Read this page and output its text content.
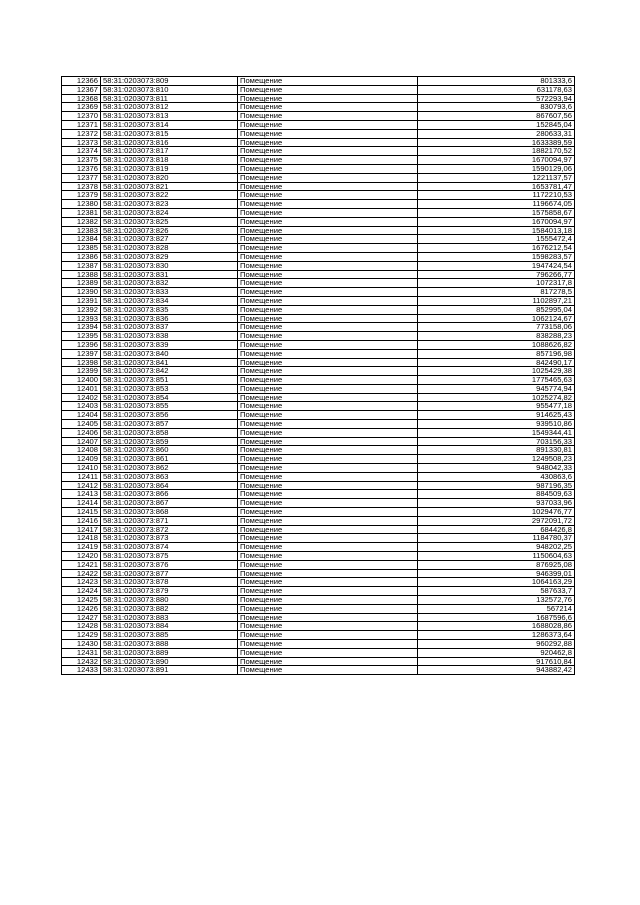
12366	58:31:0203073:809	Помещение	801333,6
12367	58:31:0203073:810	Помещение	631178,63
12368	58:31:0203073:811	Помещение	572293,94
12369	58:31:0203073:812	Помещение	830793,6
12370	58:31:0203073:813	Помещение	867607,56
12371	58:31:0203073:814	Помещение	152845,04
12372	58:31:0203073:815	Помещение	280633,31
12373	58:31:0203073:816	Помещение	1633389,59
12374	58:31:0203073:817	Помещение	1882170,52
12375	58:31:0203073:818	Помещение	1670094,97
12376	58:31:0203073:819	Помещение	1590129,06
12377	58:31:0203073:820	Помещение	1221137,57
12378	58:31:0203073:821	Помещение	1653781,47
12379	58:31:0203073:822	Помещение	1172210,53
12380	58:31:0203073:823	Помещение	1196674,05
12381	58:31:0203073:824	Помещение	1575858,67
12382	58:31:0203073:825	Помещение	1670094,97
12383	58:31:0203073:826	Помещение	1584013,18
12384	58:31:0203073:827	Помещение	1555472,4
12385	58:31:0203073:828	Помещение	1676212,54
12386	58:31:0203073:829	Помещение	1598283,57
12387	58:31:0203073:830	Помещение	1947424,54
12388	58:31:0203073:831	Помещение	796266,77
12389	58:31:0203073:832	Помещение	1072317,8
12390	58:31:0203073:833	Помещение	817278,5
12391	58:31:0203073:834	Помещение	1102897,21
12392	58:31:0203073:835	Помещение	852995,04
12393	58:31:0203073:836	Помещение	1062124,67
12394	58:31:0203073:837	Помещение	773158,06
12395	58:31:0203073:838	Помещение	838288,23
12396	58:31:0203073:839	Помещение	1088626,82
12397	58:31:0203073:840	Помещение	857196,98
12398	58:31:0203073:841	Помещение	842490,17
12399	58:31:0203073:842	Помещение	1025429,38
12400	58:31:0203073:851	Помещение	1775465,63
12401	58:31:0203073:853	Помещение	945774,94
12402	58:31:0203073:854	Помещение	1025274,82
12403	58:31:0203073:855	Помещение	955477,18
12404	58:31:0203073:856	Помещение	914625,43
12405	58:31:0203073:857	Помещение	939510,86
12406	58:31:0203073:858	Помещение	1549344,41
12407	58:31:0203073:859	Помещение	703156,33
12408	58:31:0203073:860	Помещение	891330,81
12409	58:31:0203073:861	Помещение	1249508,23
12410	58:31:0203073:862	Помещение	948042,33
12411	58:31:0203073:863	Помещение	430863,6
12412	58:31:0203073:864	Помещение	987196,35
12413	58:31:0203073:866	Помещение	884509,63
12414	58:31:0203073:867	Помещение	937033,96
12415	58:31:0203073:868	Помещение	1029476,77
12416	58:31:0203073:871	Помещение	2972091,72
12417	58:31:0203073:872	Помещение	684426,8
12418	58:31:0203073:873	Помещение	1184780,37
12419	58:31:0203073:874	Помещение	948202,25
12420	58:31:0203073:875	Помещение	1150604,63
12421	58:31:0203073:876	Помещение	876925,08
12422	58:31:0203073:877	Помещение	946399,01
12423	58:31:0203073:878	Помещение	1064163,29
12424	58:31:0203073:879	Помещение	587633,7
12425	58:31:0203073:880	Помещение	132572,76
12426	58:31:0203073:882	Помещение	567214
12427	58:31:0203073:883	Помещение	1687596,6
12428	58:31:0203073:884	Помещение	1688028,86
12429	58:31:0203073:885	Помещение	1286373,64
12430	58:31:0203073:888	Помещение	960292,88
12431	58:31:0203073:889	Помещение	920462,8
12432	58:31:0203073:890	Помещение	917610,84
12433	58:31:0203073:891	Помещение	943882,42
